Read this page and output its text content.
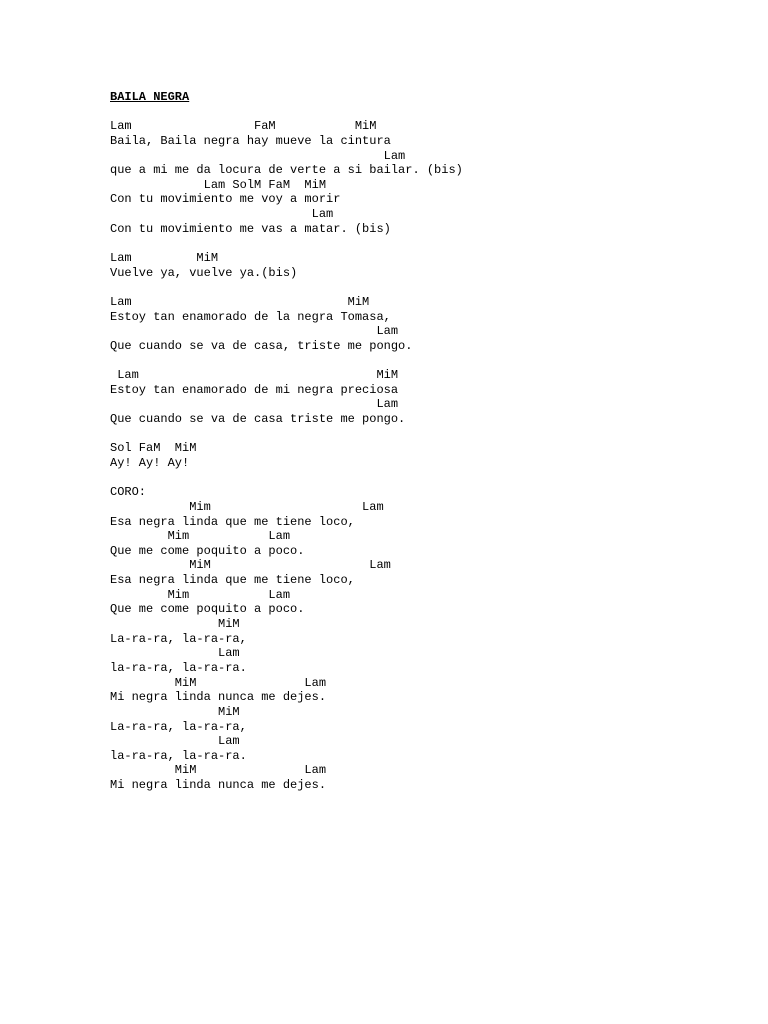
BAILA NEGRA
Lam                 FaM           MiM
Baila, Baila negra hay mueve la cintura
Lam
que a mi me da locura de verte a si bailar. (bis)
Lam SolM FaM  MiM
Con tu movimiento me voy a morir
Lam
Con tu movimiento me vas a matar. (bis)
Lam         MiM
Vuelve ya, vuelve ya.(bis)
Lam                              MiM
Estoy tan enamorado de la negra Tomasa,
Lam
Que cuando se va de casa, triste me pongo.
Lam                                 MiM
Estoy tan enamorado de mi negra preciosa
Lam
Que cuando se va de casa triste me pongo.
Sol FaM  MiM
Ay! Ay! Ay!
CORO:
Mim                     Lam
Esa negra linda que me tiene loco,
Mim           Lam
Que me come poquito a poco.
MiM                      Lam
Esa negra linda que me tiene loco,
Mim           Lam
Que me come poquito a poco.
MiM
La-ra-ra, la-ra-ra,
Lam
la-ra-ra, la-ra-ra.
MiM               Lam
Mi negra linda nunca me dejes.
MiM
La-ra-ra, la-ra-ra,
Lam
la-ra-ra, la-ra-ra.
MiM               Lam
Mi negra linda nunca me dejes.
